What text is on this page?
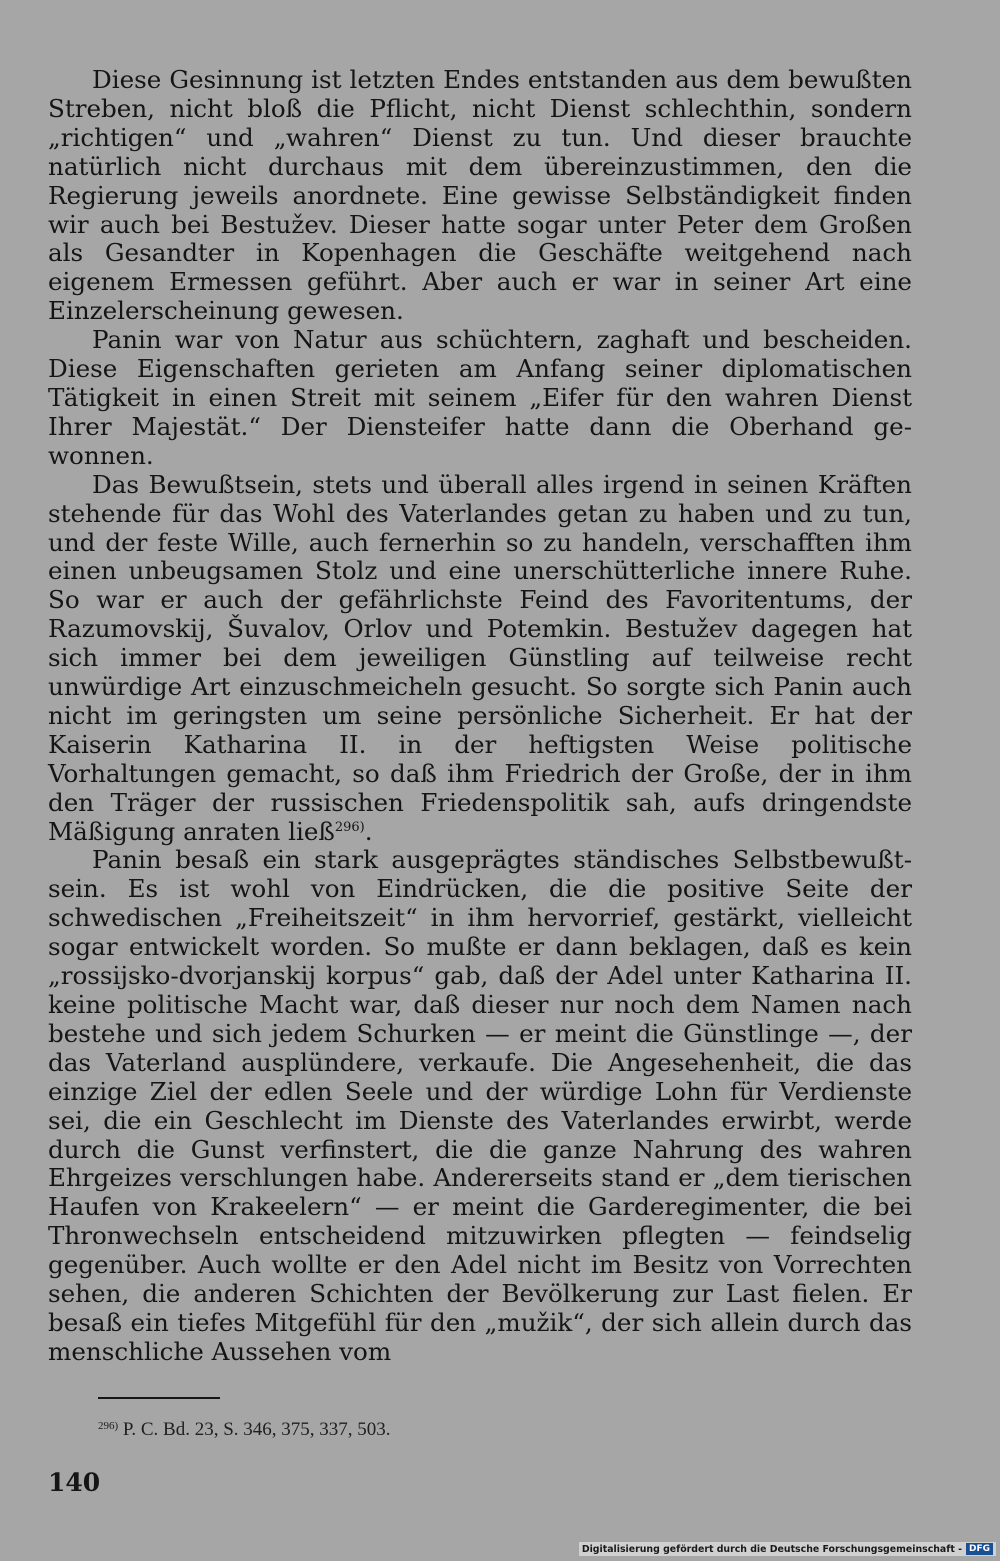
Diese Gesinnung ist letzten Endes entstanden aus dem bewußten Streben, nicht bloß die Pflicht, nicht Dienst schlechthin, sondern „richtigen“ und „wahren“ Dienst zu tun. Und dieser brauchte natürlich nicht durchaus mit dem übereinzustimmen, den die Regierung jeweils anordnete. Eine gewisse Selbständigkeit finden wir auch bei Bestužev. Dieser hatte sogar unter Peter dem Großen als Gesandter in Kopenhagen die Geschäfte weitgehend nach eigenem Ermessen geführt. Aber auch er war in seiner Art eine Einzelerscheinung gewesen.

Panin war von Natur aus schüchtern, zaghaft und bescheiden. Diese Eigenschaften gerieten am Anfang seiner diplomatischen Tätigkeit in einen Streit mit seinem „Eifer für den wahren Dienst Ihrer Majestät.“ Der Diensteifer hatte dann die Oberhand gewonnen.

Das Bewußtsein, stets und überall alles irgend in seinen Kräften stehende für das Wohl des Vaterlandes getan zu haben und zu tun, und der feste Wille, auch fernerhin so zu handeln, verschafften ihm einen unbeugsamen Stolz und eine unerschütterliche innere Ruhe. So war er auch der gefährlichste Feind des Favoritentums, der Razumovskij, Šuvalov, Orlov und Potemkin. Bestužev dagegen hat sich immer bei dem jeweiligen Günstling auf teilweise recht unwürdige Art einzuschmeicheln gesucht. So sorgte sich Panin auch nicht im geringsten um seine persönliche Sicherheit. Er hat der Kaiserin Katharina II. in der heftigsten Weise politische Vorhaltungen gemacht, so daß ihm Friedrich der Große, der in ihm den Träger der russischen Friedenspolitik sah, aufs dringendste Mäßigung anraten ließ$^{296)}$.

Panin besaß ein stark ausgeprägtes ständisches Selbstbewußtsein. Es ist wohl von Eindrücken, die die positive Seite der schwedischen „Freiheitszeit“ in ihm hervorrief, gestärkt, vielleicht sogar entwickelt worden. So mußte er dann beklagen, daß es kein „rossijsko-dvorjanskij korpus“ gab, daß der Adel unter Katharina II. keine politische Macht war, daß dieser nur noch dem Namen nach bestehe und sich jedem Schurken — er meint die Günstlinge —, der das Vaterland ausplündere, verkaufe. Die Angesehenheit, die das einzige Ziel der edlen Seele und der würdige Lohn für Verdienste sei, die ein Geschlecht im Dienste des Vaterlandes erwirbt, werde durch die Gunst verfinstert, die die ganze Nahrung des wahren Ehrgeizes verschlungen habe. Andererseits stand er „dem tierischen Haufen von Krakeelern“ — er meint die Garderegimenter, die bei Thronwechseln entscheidend mitzuwirken pflegten — feindselig gegenüber. Auch wollte er den Adel nicht im Besitz von Vorrechten sehen, die anderen Schichten der Bevölkerung zur Last fielen. Er besaß ein tiefes Mitgefühl für den „mužik“, der sich allein durch das menschliche Aussehen vom

$^{296)}$ P. C. Bd. 23, S. 346, 375, 337, 503.
140
Digitalisierung gefördert durch die Deutsche Forschungsgemeinschaft - DFG
